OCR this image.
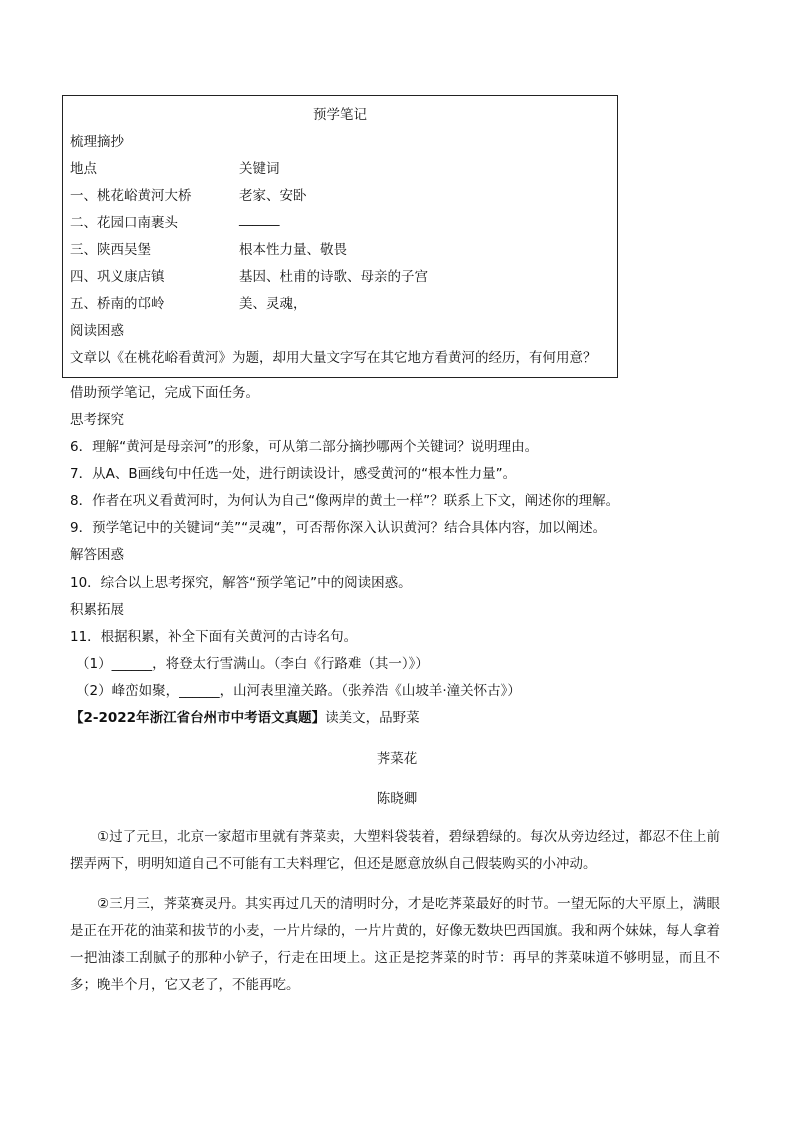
预学笔记
梳理摘抄
地点	关键词
一、桃花峪黄河大桥	老家、安卧
二、花园口南裹头	______
三、陕西吴堡	根本性力量、敬畏
四、巩义康店镇	基因、杜甫的诗歌、母亲的子宫
五、桥南的邙岭	美、灵魂，
阅读困惑
文章以《在桃花峪看黄河》为题，却用大量文字写在其它地方看黄河的经历，有何用意？
借助预学笔记，完成下面任务。
思考探究
6．理解“黄河是母亲河”的形象，可从第二部分摘抄哪两个关键词？说明理由。
7．从A、B画线句中任选一处，进行朗读设计，感受黄河的“根本性力量”。
8．作者在巩义看黄河时，为何认为自己“像两岸的黄土一样”？联系上下文，阐述你的理解。
9．预学笔记中的关键词“美”“灵魂”，可否帮你深入认识黄河？结合具体内容，加以阐述。
解答困惑
10．综合以上思考探究，解答“预学笔记”中的阅读困惑。
积累拓展
11．根据积累，补全下面有关黄河的古诗名句。
（1）______，将登太行雪满山。（李白《行路难（其一）》）
（2）峰峦如聚，______，山河表里潼关路。（张养浩《山坡羊·潼关怀古》）
【2-2022年浙江省台州市中考语文真题】读美文，品野菜
荠菜花
陈晓卿
①过了元旦，北京一家超市里就有荠菜卖，大塑料袋装着，碧绿碧绿的。每次从旁边经过，都忍不住上前摆弄两下，明明知道自己不可能有工夫料理它，但还是愿意放纵自己假装购买的小冲动。
②三月三，荠菜赛灵丹。其实再过几天的清明时分，才是吃荠菜最好的时节。一望无际的大平原上，满眼是正在开花的油菜和拔节的小麦，一片片绿的，一片片黄的，好像无数块巴西国旗。我和两个妹妹，每人拿着一把油漆工刮腻子的那种小铲子，行走在田埂上。这正是挖荠菜的时节：再早的荠菜味道不够明显，而且不多；晚半个月，它又老了，不能再吃。
